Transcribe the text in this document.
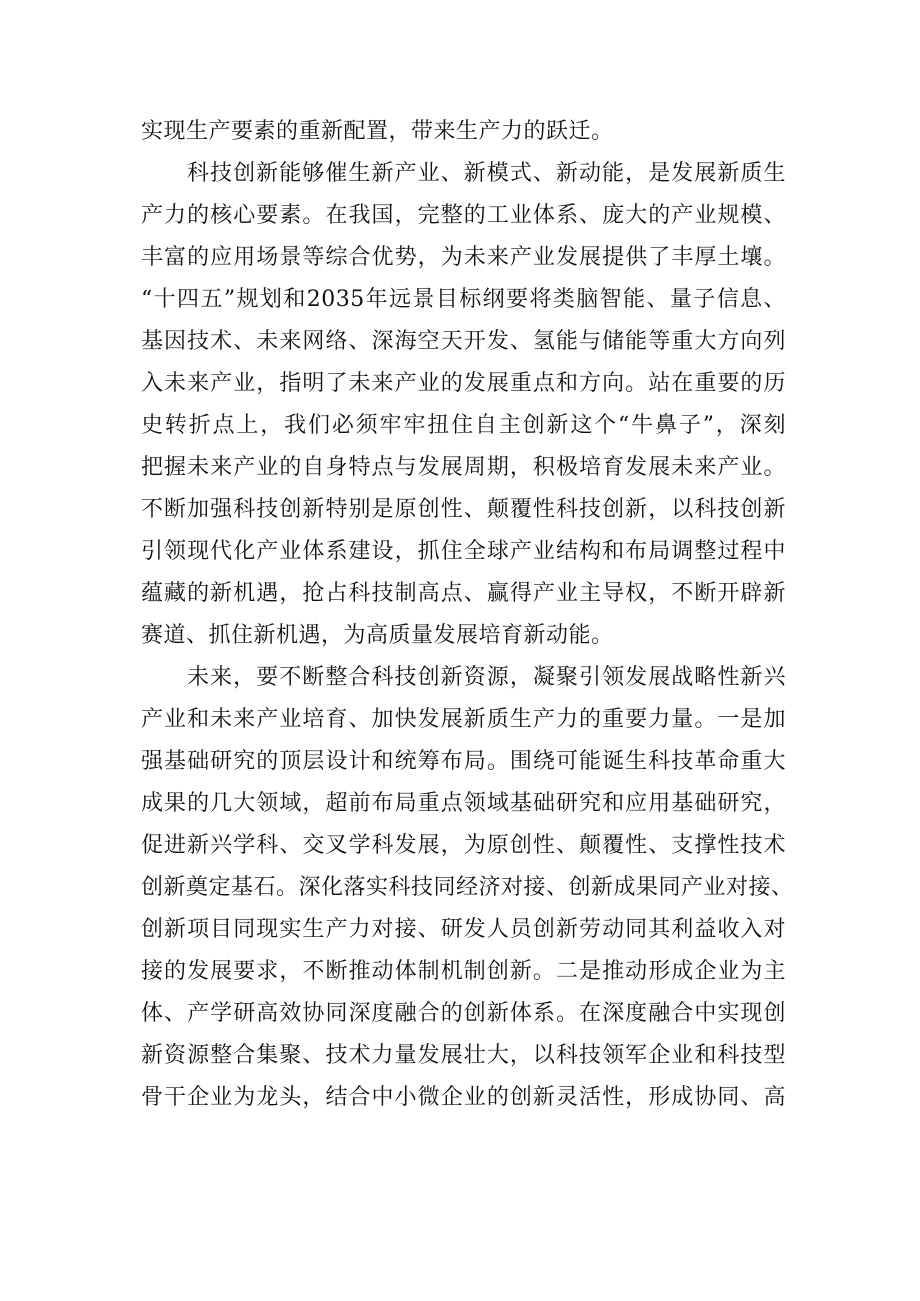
实现生产要素的重新配置，带来生产力的跃迁。
科技创新能够催生新产业、新模式、新动能，是发展新质生
产力的核心要素。在我国，完整的工业体系、庞大的产业规模、
丰富的应用场景等综合优势，为未来产业发展提供了丰厚土壤。
“十四五”规划和2035年远景目标纲要将类脑智能、量子信息、
基因技术、未来网络、深海空天开发、氢能与储能等重大方向列
入未来产业，指明了未来产业的发展重点和方向。站在重要的历
史转折点上，我们必须牢牢扭住自主创新这个“牛鼻子”，深刻
把握未来产业的自身特点与发展周期，积极培育发展未来产业。
不断加强科技创新特别是原创性、颠覆性科技创新，以科技创新
引领现代化产业体系建设，抓住全球产业结构和布局调整过程中
蕴藏的新机遇，抢占科技制高点、赢得产业主导权，不断开辟新
赛道、抓住新机遇，为高质量发展培育新动能。
未来，要不断整合科技创新资源，凝聚引领发展战略性新兴
产业和未来产业培育、加快发展新质生产力的重要力量。一是加
强基础研究的顶层设计和统筹布局。围绕可能诞生科技革命重大
成果的几大领域，超前布局重点领域基础研究和应用基础研究，
促进新兴学科、交叉学科发展，为原创性、颠覆性、支撑性技术
创新奠定基石。深化落实科技同经济对接、创新成果同产业对接、
创新项目同现实生产力对接、研发人员创新劳动同其利益收入对
接的发展要求，不断推动体制机制创新。二是推动形成企业为主
体、产学研高效协同深度融合的创新体系。在深度融合中实现创
新资源整合集聚、技术力量发展壮大，以科技领军企业和科技型
骨干企业为龙头，结合中小微企业的创新灵活性，形成协同、高
